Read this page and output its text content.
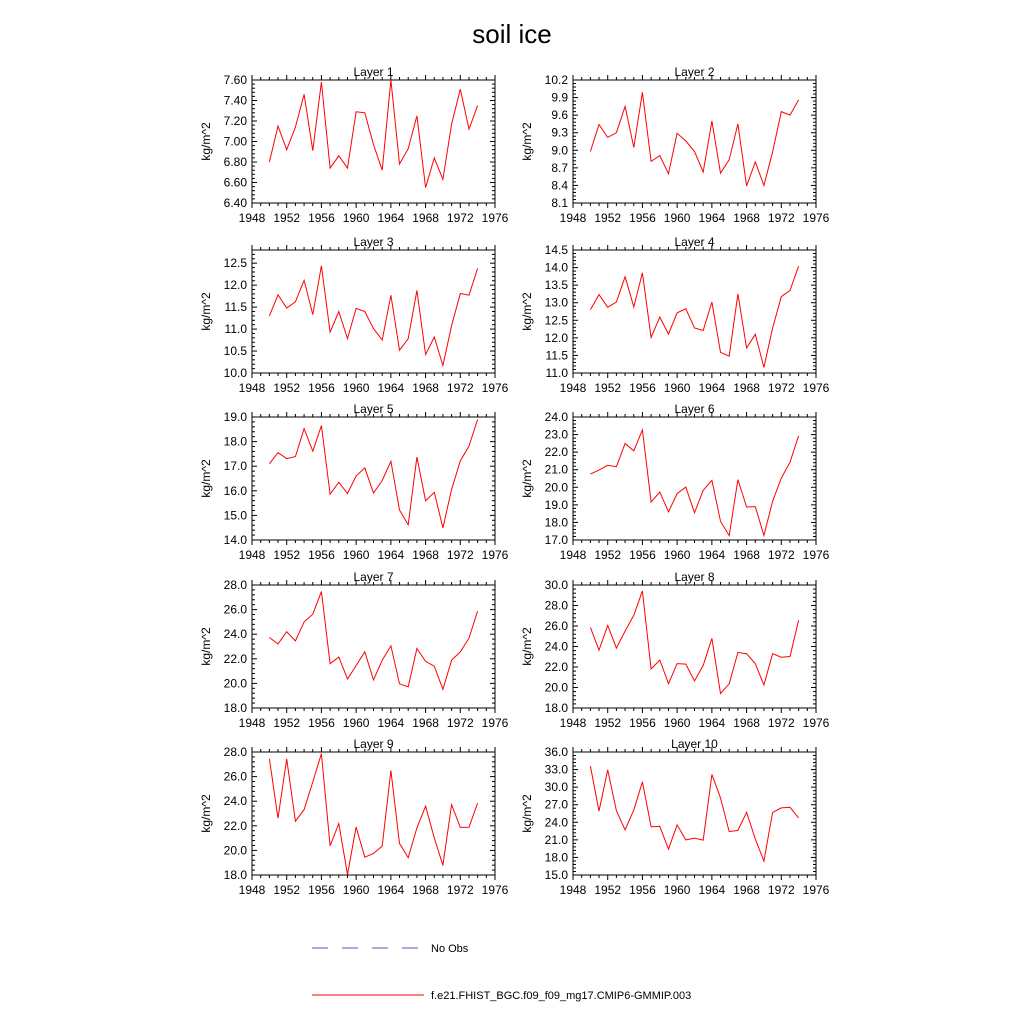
soil ice
Layer 1
kg/m^2
6.40
6.60
6.80
7.00
7.20
7.40
7.60
1948 1952 1956 1960 1964 1968 1972 1976
Layer 2
kg/m^2
8.1
8.4
8.7
9.0
9.3
9.6
9.9
10.2
1948 1952 1956 1960 1964 1968 1972 1976
Layer 3
kg/m^2
10.0
10.5
11.0
11.5
12.0
12.5
1948 1952 1956 1960 1964 1968 1972 1976
Layer 4
kg/m^2
11.0
11.5
12.0
12.5
13.0
13.5
14.0
14.5
1948 1952 1956 1960 1964 1968 1972 1976
Layer 5
kg/m^2
14.0
15.0
16.0
17.0
18.0
19.0
1948 1952 1956 1960 1964 1968 1972 1976
Layer 6
kg/m^2
17.0
18.0
19.0
20.0
21.0
22.0
23.0
24.0
1948 1952 1956 1960 1964 1968 1972 1976
Layer 7
kg/m^2
18.0
20.0
22.0
24.0
26.0
28.0
1948 1952 1956 1960 1964 1968 1972 1976
Layer 8
kg/m^2
18.0
20.0
22.0
24.0
26.0
28.0
30.0
1948 1952 1956 1960 1964 1968 1972 1976
Layer 9
kg/m^2
18.0
20.0
22.0
24.0
26.0
28.0
1948 1952 1956 1960 1964 1968 1972 1976
Layer 10
kg/m^2
15.0
18.0
21.0
24.0
27.0
30.0
33.0
36.0
1948 1952 1956 1960 1964 1968 1972 1976
No Obs
f.e21.FHIST_BGC.f09_f09_mg17.CMIP6-GMMIP.003
